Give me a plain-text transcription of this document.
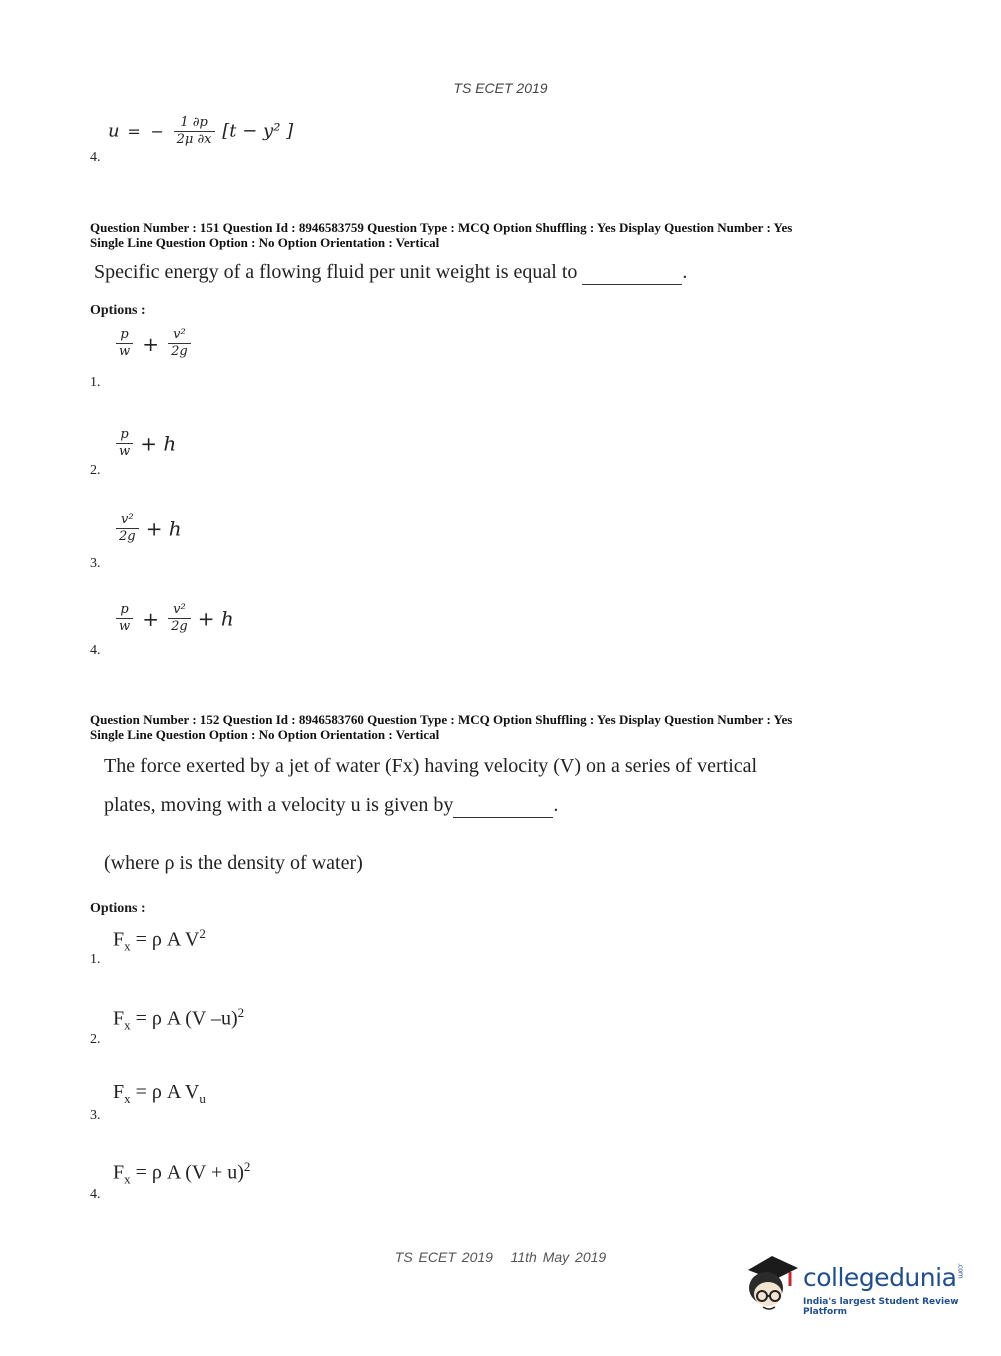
TS ECET 2019
u = − $\frac{1 \partial p}{2\mu \partial x} [t - y^2$ ]
4.
Question Number : 151 Question Id : 8946583759 Question Type : MCQ Option Shuffling : Yes Display Question Number : Yes
Single Line Question Option : No Option Orientation : Vertical
Specific energy of a flowing fluid per unit weight is equal to	.
Options :
$\frac{p}{w} + \frac{\text{v²}}{2g}$
1.
$\frac{p}{w} + h$
2.
$\frac{\text{v²}}{2g} + h$
3.
$\frac{p}{w} + \frac{\text{v²}}{2g} + h$
4.
Question Number : 152 Question Id : 8946583760 Question Type : MCQ Option Shuffling : Yes Display Question Number : Yes
Single Line Question Option : No Option Orientation : Vertical
The force exerted by a jet of water (Fx) having velocity (V) on a series of vertical
plates, moving with a velocity u is given by	.
(where ρ is the density of water)
Options :
$F_x = \rho$ A $V^2$
1.
$F_x = \rho$ A (V –u)$^2$
2.
$F_x = \rho$ A $V_u$
3.
$F_x = \rho$ A $(V + u)^2$
4.
TS ECET 2019 11th May 2019
collegedunia.com
India's largest Student Review Platform
